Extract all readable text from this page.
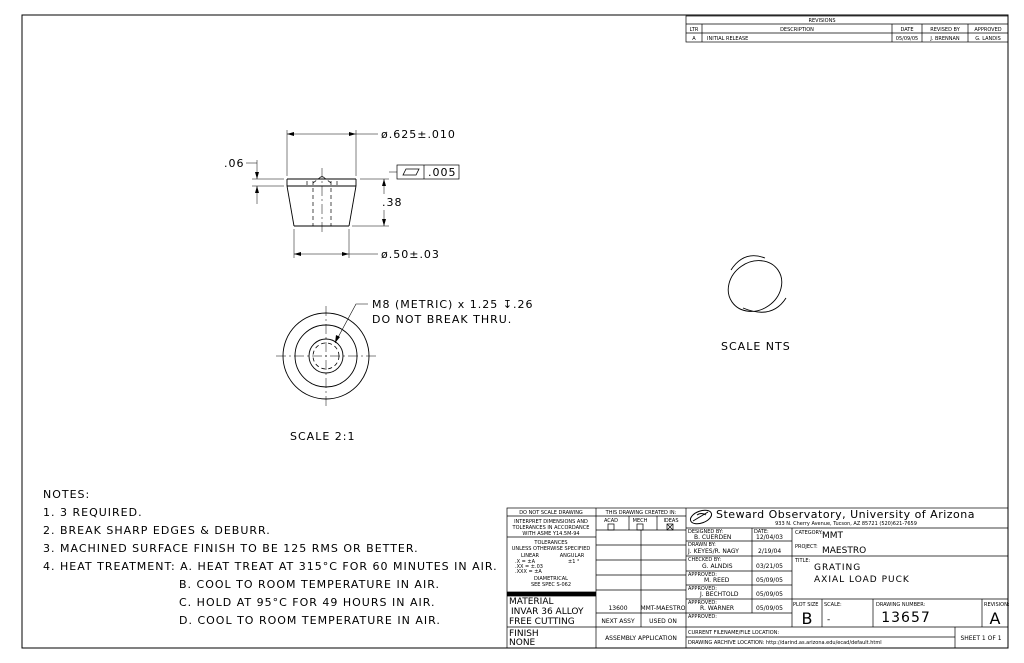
REVISIONS
LTR	DESCRIPTION	DATE	REVISED BY	APPROVED
A INITIAL RELEASE	05/09/05 J. BRENNAN	G. LANDIS
ø.625±.010
ø.50±.03
.38
.06
.005
M8 (METRIC) x 1.25 ↧.26
DO NOT BREAK THRU.
SCALE 2:1
SCALE NTS
NOTES:
1. 3 REQUIRED.
2. BREAK SHARP EDGES & DEBURR.
3. MACHINED SURFACE FINISH TO BE 125 RMS OR BETTER.
4. HEAT TREATMENT: A. HEAT TREAT AT 315°C FOR 60 MINUTES IN AIR.
B. COOL TO ROOM TEMPERATURE IN AIR.
C. HOLD AT 95°C FOR 49 HOURS IN AIR.
D. COOL TO ROOM TEMPERATURE IN AIR.
DO NOT SCALE DRAWING
INTERPRET DIMENSIONS AND
TOLERANCES IN ACCORDANCE
WITH ASME Y14.5M-94
TOLERANCES
UNLESS OTHERWISE SPECIFIED
LINEAR	ANGULAR
.X = ±A
.XX = ±.03
.XXX = ±A
±1 °
DIAMETRICAL
SEE SPEC S-062
MATERIAL
INVAR 36 ALLOY
FREE CUTTING
FINISH
NONE
THIS DRAWING CREATED IN:
ACAD	MECH	IDEAS
13600 MMT-MAESTRO
NEXT ASSY USED ON
ASSEMBLY APPLICATION
Steward Observatory, University of Arizona
933 N. Cherry Avenue, Tucson, AZ 85721 (520)621-7659
DESIGNED BY:
B. CUERDEN
DATE:
12/04/03
CATEGORY: MMT
DRAWN BY:
J. KEYES/R. NAGY	2/19/04
PROJECT: MAESTRO
CHECKED BY:
G. ALNDIS	03/21/05
TITLE:
GRATING
AXIAL LOAD PUCK
APPROVED:
M. REED	05/09/05
APPROVED:
J. BECHTOLD	05/09/05
APPROVED:
R. WARNER	05/09/05
APPROVED:
PLOT SIZE
B
SCALE:
-
DRAWING NUMBER:
13657
REVISION:
A
CURRENT FILENAME/FILE LOCATION:
DRAWING ARCHIVE LOCATION: http://darind.as.arizona.edu/ecad/default.html
SHEET 1 OF 1
